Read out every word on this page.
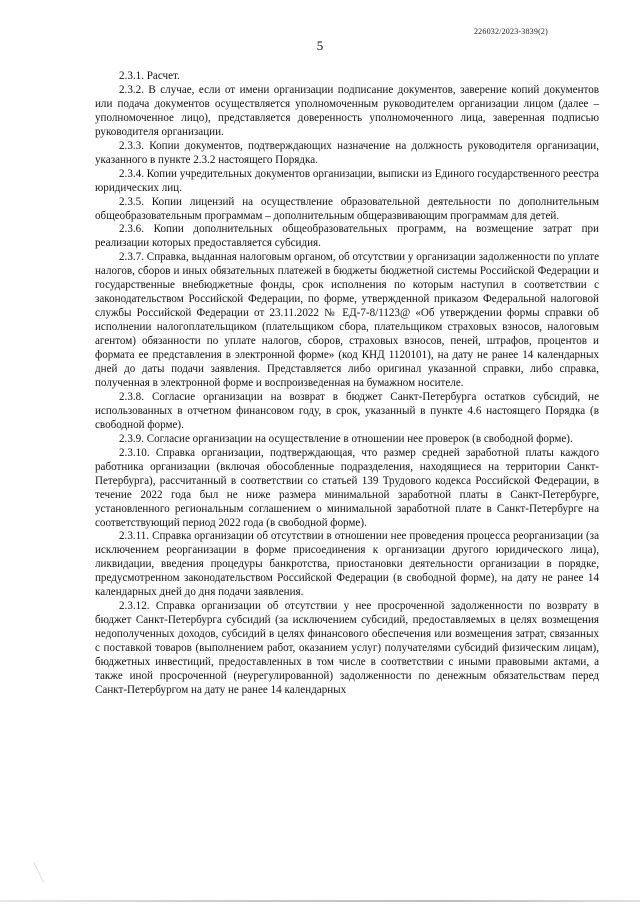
226032/2023-3839(2)
5

2.3.1. Расчет.

2.3.2. В случае, если от имени организации подписание документов, заверение копий документов или подача документов осуществляется уполномоченным руководителем организации лицом (далее – уполномоченное лицо), представляется доверенность уполномоченного лица, заверенная подписью руководителя организации.

2.3.3. Копии документов, подтверждающих назначение на должность руководителя организации, указанного в пункте 2.3.2 настоящего Порядка.

2.3.4. Копии учредительных документов организации, выписки из Единого государственного реестра юридических лиц.

2.3.5. Копии лицензий на осуществление образовательной деятельности по дополнительным общеобразовательным программам – дополнительным общеразвивающим программам для детей.

2.3.6. Копии дополнительных общеобразовательных программ, на возмещение затрат при реализации которых предоставляется субсидия.

2.3.7. Справка, выданная налоговым органом, об отсутствии у организации задолженности по уплате налогов, сборов и иных обязательных платежей в бюджеты бюджетной системы Российской Федерации и государственные внебюджетные фонды, срок исполнения по которым наступил в соответствии с законодательством Российской Федерации, по форме, утвержденной приказом Федеральной налоговой службы Российской Федерации от 23.11.2022 № ЕД-7-8/1123@ «Об утверждении формы справки об исполнении налогоплательщиком (плательщиком сбора, плательщиком страховых взносов, налоговым агентом) обязанности по уплате налогов, сборов, страховых взносов, пеней, штрафов, процентов и формата ее представления в электронной форме» (код КНД 1120101), на дату не ранее 14 календарных дней до даты подачи заявления. Представляется либо оригинал указанной справки, либо справка, полученная в электронной форме и воспроизведенная на бумажном носителе.

2.3.8. Согласие организации на возврат в бюджет Санкт-Петербурга остатков субсидий, не использованных в отчетном финансовом году, в срок, указанный в пункте 4.6 настоящего Порядка (в свободной форме).

2.3.9. Согласие организации на осуществление в отношении нее проверок (в свободной форме).

2.3.10. Справка организации, подтверждающая, что размер средней заработной платы каждого работника организации (включая обособленные подразделения, находящиеся на территории Санкт-Петербурга), рассчитанный в соответствии со статьей 139 Трудового кодекса Российской Федерации, в течение 2022 года был не ниже размера минимальной заработной платы в Санкт-Петербурге, установленного региональным соглашением о минимальной заработной плате в Санкт-Петербурге на соответствующий период 2022 года (в свободной форме).

2.3.11. Справка организации об отсутствии в отношении нее проведения процесса реорганизации (за исключением реорганизации в форме присоединения к организации другого юридического лица), ликвидации, введения процедуры банкротства, приостановки деятельности организации в порядке, предусмотренном законодательством Российской Федерации (в свободной форме), на дату не ранее 14 календарных дней до дня подачи заявления.

2.3.12. Справка организации об отсутствии у нее просроченной задолженности по возврату в бюджет Санкт-Петербурга субсидий (за исключением субсидий, предоставляемых в целях возмещения недополученных доходов, субсидий в целях финансового обеспечения или возмещения затрат, связанных с поставкой товаров (выполнением работ, оказанием услуг) получателями субсидий физическим лицам), бюджетных инвестиций, предоставленных в том числе в соответствии с иными правовыми актами, а также иной просроченной (неурегулированной) задолженности по денежным обязательствам перед Санкт-Петербургом на дату не ранее 14 календарных
